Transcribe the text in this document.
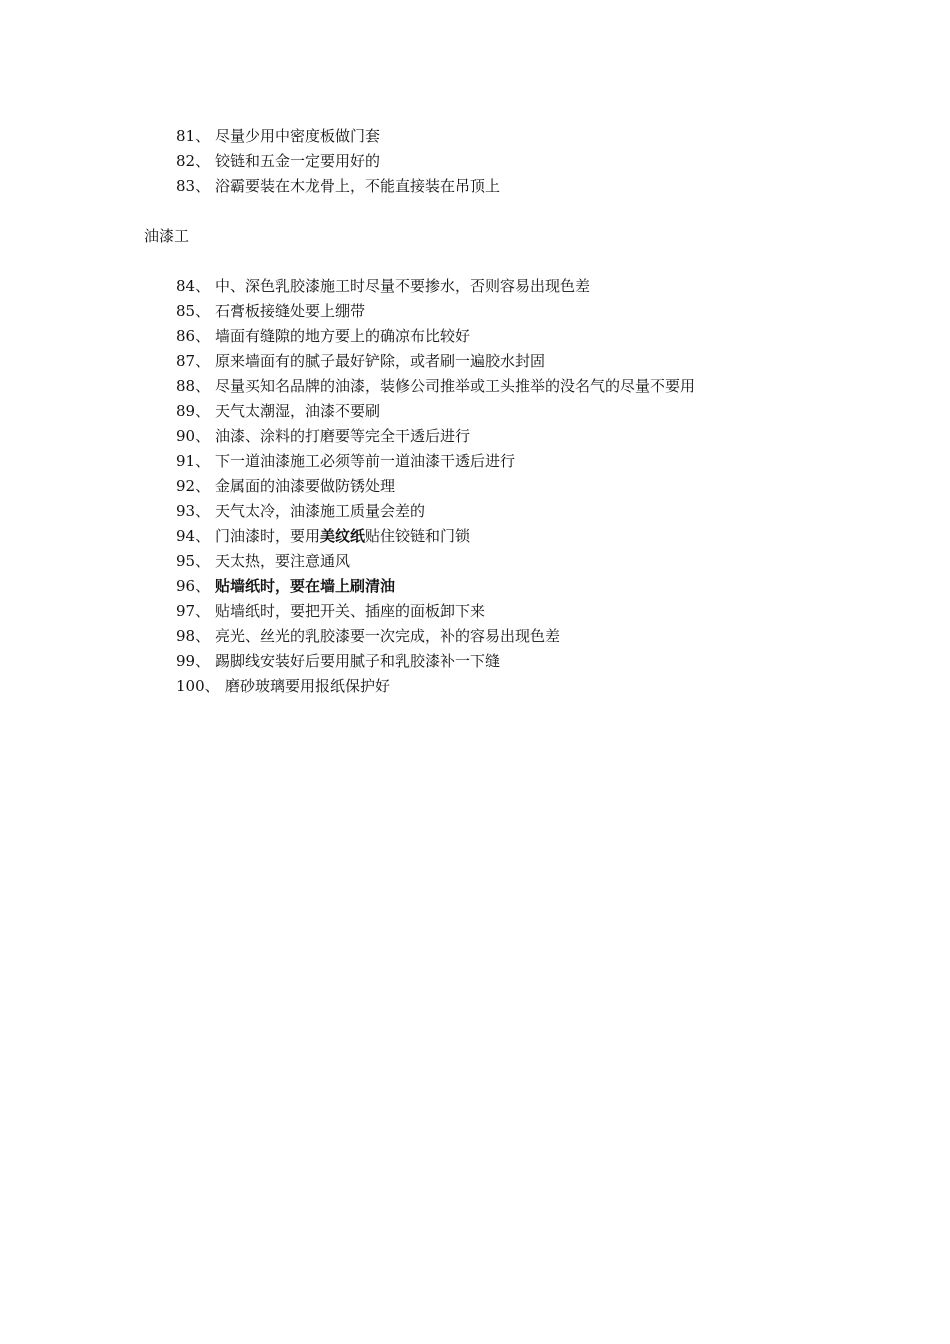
81、 尽量少用中密度板做门套
82、 铰链和五金一定要用好的
83、 浴霸要装在木龙骨上，不能直接装在吊顶上
油漆工
84、 中、深色乳胶漆施工时尽量不要掺水，否则容易出现色差
85、 石膏板接缝处要上绷带
86、 墙面有缝隙的地方要上的确凉布比较好
87、 原来墙面有的腻子最好铲除，或者刷一遍胶水封固
88、 尽量买知名品牌的油漆，装修公司推举或工头推举的没名气的尽量不要用
89、 天气太潮湿，油漆不要刷
90、 油漆、涂料的打磨要等完全干透后进行
91、 下一道油漆施工必须等前一道油漆干透后进行
92、 金属面的油漆要做防锈处理
93、 天气太冷，油漆施工质量会差的
94、 门油漆时，要用美纹纸贴住铰链和门锁
95、 天太热，要注意通风
96、 贴墙纸时，要在墙上刷清油
97、 贴墙纸时，要把开关、插座的面板卸下来
98、 亮光、丝光的乳胶漆要一次完成，补的容易出现色差
99、 踢脚线安装好后要用腻子和乳胶漆补一下缝
100、 磨砂玻璃要用报纸保护好
